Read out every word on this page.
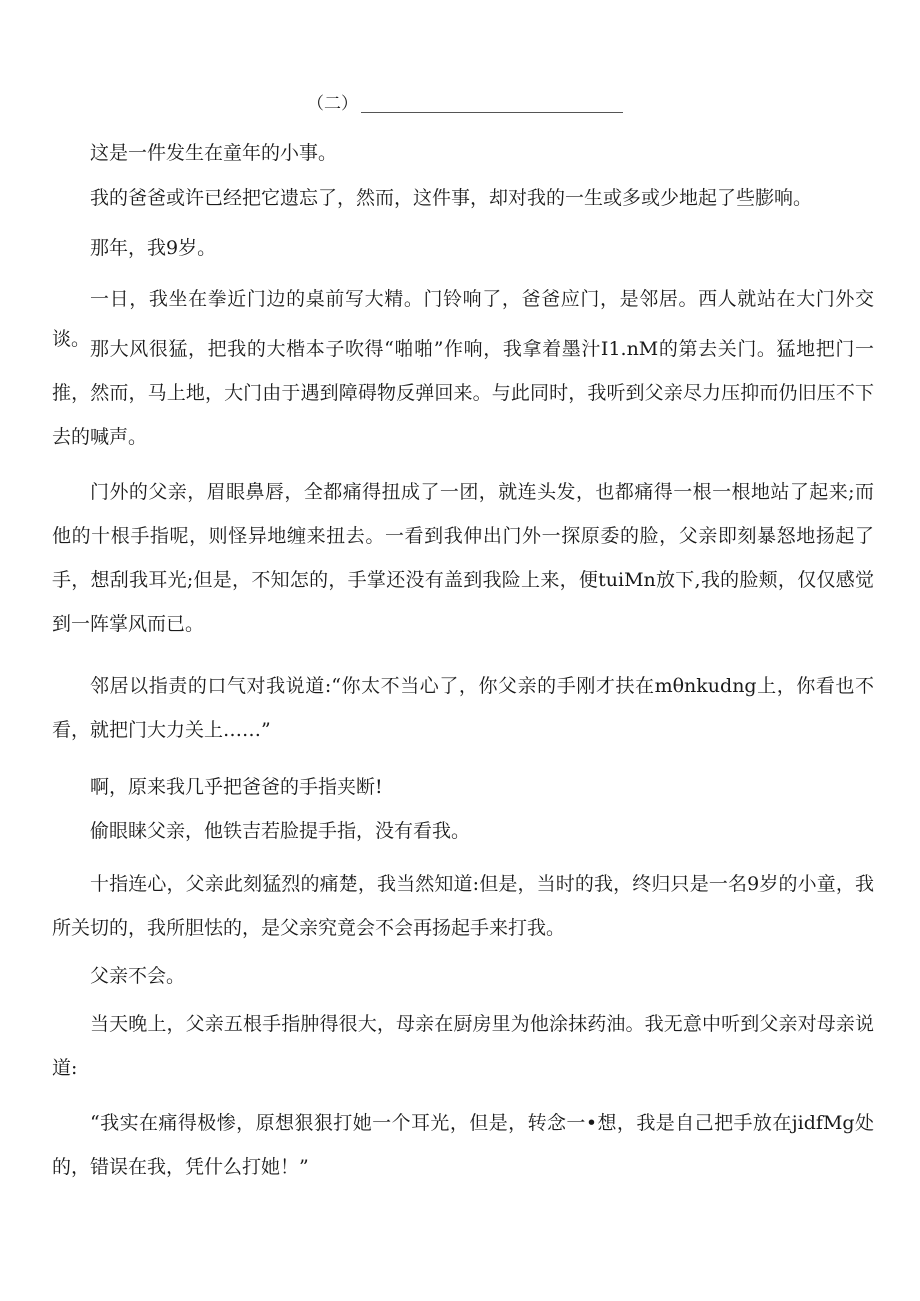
（二）

这是一件发生在童年的小事。

我的爸爸或许已经把它遗忘了，然而，这件事，却对我的一生或多或少地起了些膨响。

那年，我9岁。

一日，我坐在拳近门边的桌前写大精。门铃响了，爸爸应门，是邻居。西人就站在大门外交谈。 那大风很猛，把我的大楷本子吹得“啪啪”作响，我拿着墨汁I1.nM的第去关门。猛地把门一推，然而，马上地，大门由于遇到障碍物反弹回来。与此同时，我听到父亲尽力压抑而仍旧压不下去的喊声。

门外的父亲，眉眼鼻唇，全都痛得扭成了一团，就连头发，也都痛得一根一根地站了起来;而他的十根手指呢，则怪异地缠来扭去。一看到我伸出门外一探原委的脸，父亲即刻暴怒地扬起了手，想刮我耳光;但是，不知怎的，手掌还没有盖到我险上来，便tuiMn放下,我的脸颊，仅仅感觉到一阵掌风而已。

邻居以指责的口气对我说道:“你太不当心了，你父亲的手刚才扶在mθnkudng上，你看也不看，就把门大力关上……”

啊，原来我几乎把爸爸的手指夹断!

偷眼睐父亲，他铁吉若脸提手指，没有看我。

十指连心，父亲此刻猛烈的痛楚，我当然知道:但是，当时的我，终归只是一名9岁的小童，我所关切的，我所胆怯的，是父亲究竟会不会再扬起手来打我。

父亲不会。

当天晚上，父亲五根手指肿得很大，母亲在厨房里为他涂抹药油。我无意中听到父亲对母亲说道:

“我实在痛得极惨，原想狠狠打她一个耳光，但是，转念一•想，我是自己把手放在jidfMg处的，错误在我，凭什么打她！”
